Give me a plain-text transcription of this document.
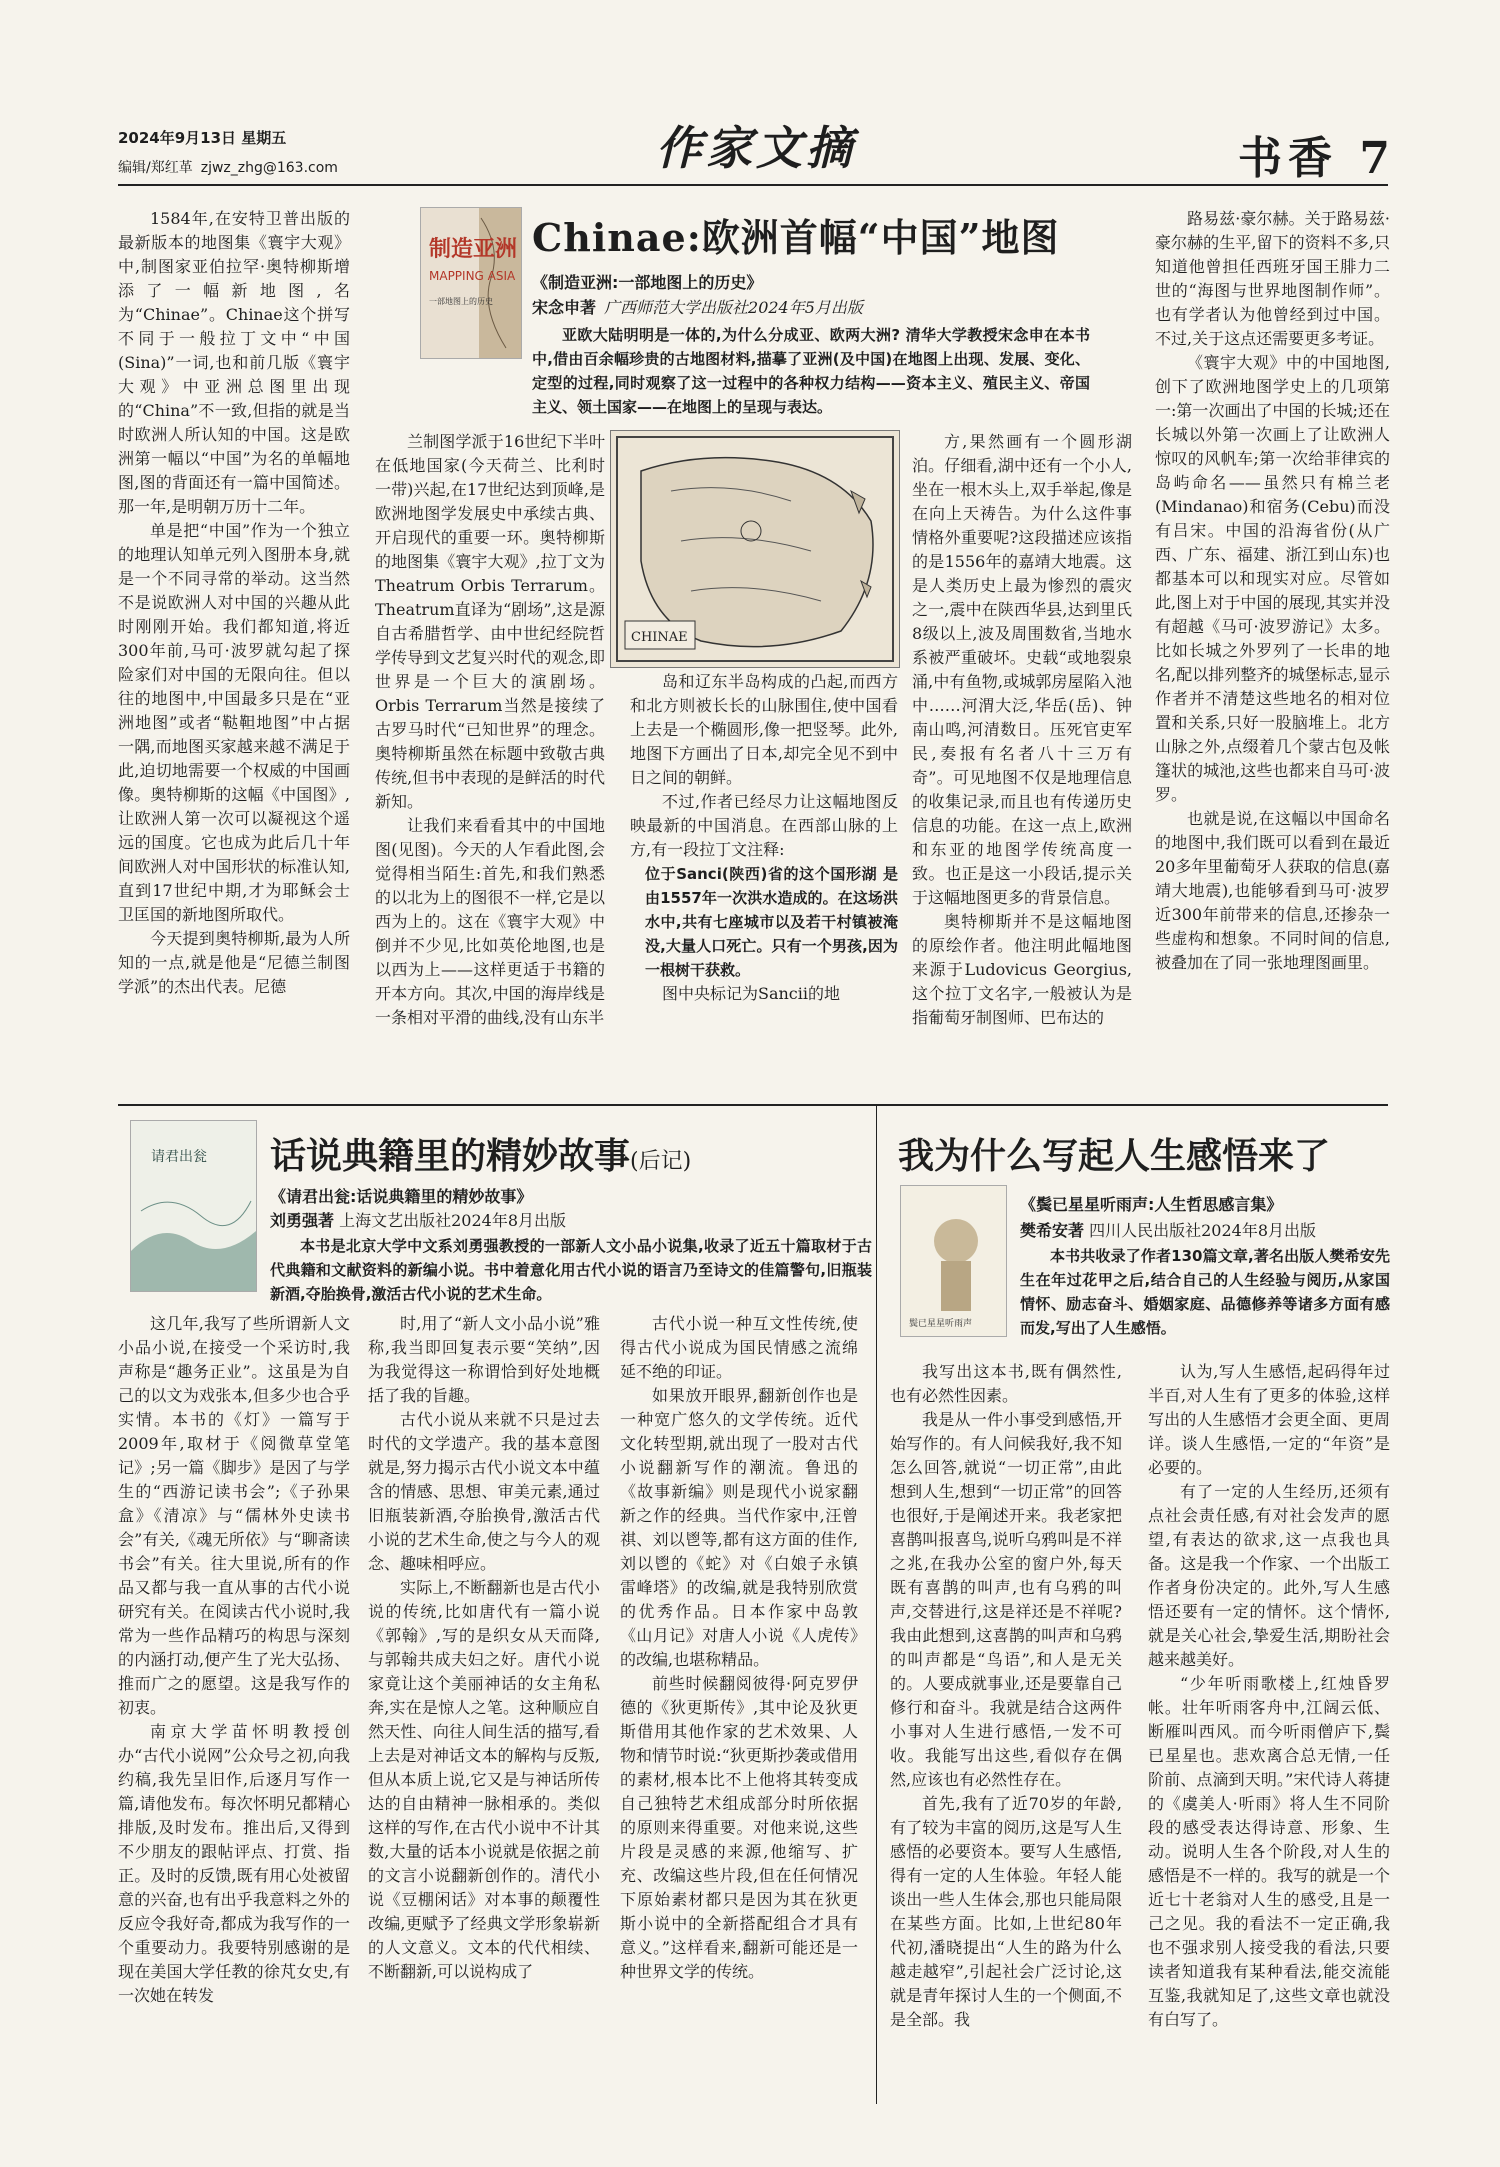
2024年9月13日 星期五
编辑/郑红革 zjwz_zhg@163.com	作家文摘	书香 7
制造亚洲
MAPPING ASIA
一部地图上的历史
Chinae:欧洲首幅“中国”地图
《制造亚洲:一部地图上的历史》
宋念申著 广西师范大学出版社2024年5月出版
亚欧大陆明明是一体的,为什么分成亚、欧两大洲? 清华大学教授宋念申在本书中,借由百余幅珍贵的古地图材料,描摹了亚洲(及中国)在地图上出现、发展、变化、定型的过程,同时观察了这一过程中的各种权力结构——资本主义、殖民主义、帝国主义、领土国家——在地图上的呈现与表达。

1584年,在安特卫普出版的最新版本的地图集《寰宇大观》中,制图家亚伯拉罕·奥特柳斯增添了一幅新地图,名为“Chinae”。Chinae这个拼写不同于一般拉丁文中“中国(Sina)”一词,也和前几版《寰宇大观》中亚洲总图里出现的“China”不一致,但指的就是当时欧洲人所认知的中国。这是欧洲第一幅以“中国”为名的单幅地图,图的背面还有一篇中国简述。那一年,是明朝万历十二年。

单是把“中国”作为一个独立的地理认知单元列入图册本身,就是一个不同寻常的举动。这当然不是说欧洲人对中国的兴趣从此时刚刚开始。我们都知道,将近300年前,马可·波罗就勾起了探险家们对中国的无限向往。但以往的地图中,中国最多只是在“亚洲地图”或者“鞑靼地图”中占据一隅,而地图买家越来越不满足于此,迫切地需要一个权威的中国画像。奥特柳斯的这幅《中国图》,让欧洲人第一次可以凝视这个遥远的国度。它也成为此后几十年间欧洲人对中国形状的标准认知,直到17世纪中期,才为耶稣会士卫匡国的新地图所取代。

今天提到奥特柳斯,最为人所知的一点,就是他是“尼德兰制图学派”的杰出代表。尼德

兰制图学派于16世纪下半叶在低地国家(今天荷兰、比利时一带)兴起,在17世纪达到顶峰,是欧洲地图学发展史中承续古典、开启现代的重要一环。奥特柳斯的地图集《寰宇大观》,拉丁文为Theatrum Orbis Terrarum。Theatrum直译为“剧场”,这是源自古希腊哲学、由中世纪经院哲学传导到文艺复兴时代的观念,即世界是一个巨大的演剧场。Orbis Terrarum当然是接续了古罗马时代“已知世界”的理念。奥特柳斯虽然在标题中致敬古典传统,但书中表现的是鲜活的时代新知。

让我们来看看其中的中国地图(见图)。今天的人乍看此图,会觉得相当陌生:首先,和我们熟悉的以北为上的图很不一样,它是以西为上的。这在《寰宇大观》中倒并不少见,比如英伦地图,也是以西为上——这样更适于书籍的开本方向。其次,中国的海岸线是一条相对平滑的曲线,没有山东半

CHINAE

岛和辽东半岛构成的凸起,而西方和北方则被长长的山脉围住,使中国看上去是一个椭圆形,像一把竖琴。此外,地图下方画出了日本,却完全见不到中日之间的朝鲜。

不过,作者已经尽力让这幅地图反映最新的中国消息。在西部山脉的上方,有一段拉丁文注释:

位于Sanci(陕西)省的这个国形湖 是由1557年一次洪水造成的。在这场洪水中,共有七座城市以及若干村镇被淹没,大量人口死亡。只有一个男孩,因为一根树干获救。

图中央标记为Sancii的地

方,果然画有一个圆形湖泊。仔细看,湖中还有一个小人,坐在一根木头上,双手举起,像是在向上天祷告。为什么这件事情格外重要呢?这段描述应该指的是1556年的嘉靖大地震。这是人类历史上最为惨烈的震灾之一,震中在陕西华县,达到里氏8级以上,波及周围数省,当地水系被严重破坏。史载“或地裂泉涌,中有鱼物,或城郭房屋陷入池中……河渭大泛,华岳(岳)、钟南山鸣,河清数日。压死官吏军民,奏报有名者八十三万有奇”。可见地图不仅是地理信息的收集记录,而且也有传递历史信息的功能。在这一点上,欧洲和东亚的地图学传统高度一致。也正是这一小段话,提示关于这幅地图更多的背景信息。

奥特柳斯并不是这幅地图的原绘作者。他注明此幅地图来源于Ludovicus Georgius,这个拉丁文名字,一般被认为是指葡萄牙制图师、巴布达的

路易兹·豪尔赫。关于路易兹·豪尔赫的生平,留下的资料不多,只知道他曾担任西班牙国王腓力二世的“海图与世界地图制作师”。也有学者认为他曾经到过中国。不过,关于这点还需要更多考证。

《寰宇大观》中的中国地图,创下了欧洲地图学史上的几项第一:第一次画出了中国的长城;还在长城以外第一次画上了让欧洲人惊叹的风帆车;第一次给菲律宾的岛屿命名——虽然只有棉兰老(Mindanao)和宿务(Cebu)而没有吕宋。中国的沿海省份(从广西、广东、福建、浙江到山东)也都基本可以和现实对应。尽管如此,图上对于中国的展现,其实并没有超越《马可·波罗游记》太多。比如长城之外罗列了一长串的地名,配以排列整齐的城堡标志,显示作者并不清楚这些地名的相对位置和关系,只好一股脑堆上。北方山脉之外,点缀着几个蒙古包及帐篷状的城池,这些也都来自马可·波罗。

也就是说,在这幅以中国命名的地图中,我们既可以看到在最近20多年里葡萄牙人获取的信息(嘉靖大地震),也能够看到马可·波罗近300年前带来的信息,还掺杂一些虚构和想象。不同时间的信息,被叠加在了同一张地理图画里。

请君出瓮 话说典籍里的精妙故事(后记)
《请君出瓮:话说典籍里的精妙故事》
刘勇强著 上海文艺出版社2024年8月出版
本书是北京大学中文系刘勇强教授的一部新人文小品小说集,收录了近五十篇取材于古代典籍和文献资料的新编小说。书中着意化用古代小说的语言乃至诗文的佳篇警句,旧瓶装新酒,夺胎换骨,激活古代小说的艺术生命。

这几年,我写了些所谓新人文小品小说,在接受一个采访时,我声称是“趣务正业”。这虽是为自己的以文为戏张本,但多少也合乎实情。本书的《灯》一篇写于2009年,取材于《阅微草堂笔记》;另一篇《脚步》是因了与学生的“西游记读书会”;《子孙果盒》《清凉》与“儒林外史读书会”有关,《魂无所依》与“聊斋读书会”有关。往大里说,所有的作品又都与我一直从事的古代小说研究有关。在阅读古代小说时,我常为一些作品精巧的构思与深刻的内涵打动,便产生了光大弘扬、推而广之的愿望。这是我写作的初衷。

南京大学苗怀明教授创办“古代小说网”公众号之初,向我约稿,我先呈旧作,后逐月写作一篇,请他发布。每次怀明兄都精心排版,及时发布。推出后,又得到不少朋友的跟帖评点、打赏、指正。及时的反馈,既有用心处被留意的兴奋,也有出乎我意料之外的反应令我好奇,都成为我写作的一个重要动力。我要特别感谢的是现在美国大学任教的徐芃女史,有一次她在转发

时,用了“新人文小品小说”雅称,我当即回复表示要“笑纳”,因为我觉得这一称谓恰到好处地概括了我的旨趣。

古代小说从来就不只是过去时代的文学遗产。我的基本意图就是,努力揭示古代小说文本中蕴含的情感、思想、审美元素,通过旧瓶装新酒,夺胎换骨,激活古代小说的艺术生命,使之与今人的观念、趣味相呼应。

实际上,不断翻新也是古代小说的传统,比如唐代有一篇小说《郭翰》,写的是织女从天而降,与郭翰共成夫妇之好。唐代小说家竟让这个美丽神话的女主角私奔,实在是惊人之笔。这种顺应自然天性、向往人间生活的描写,看上去是对神话文本的解构与反叛,但从本质上说,它又是与神话所传达的自由精神一脉相承的。类似这样的写作,在古代小说中不计其数,大量的话本小说就是依据之前的文言小说翻新创作的。清代小说《豆棚闲话》对本事的颠覆性改编,更赋予了经典文学形象崭新的人文意义。文本的代代相续、不断翻新,可以说构成了

古代小说一种互文性传统,使得古代小说成为国民情感之流绵延不绝的印证。

如果放开眼界,翻新创作也是一种宽广悠久的文学传统。近代文化转型期,就出现了一股对古代小说翻新写作的潮流。鲁迅的《故事新编》则是现代小说家翻新之作的经典。当代作家中,汪曾祺、刘以鬯等,都有这方面的佳作,刘以鬯的《蛇》对《白娘子永镇雷峰塔》的改编,就是我特别欣赏的优秀作品。日本作家中岛敦《山月记》对唐人小说《人虎传》的改编,也堪称精品。

前些时候翻阅彼得·阿克罗伊德的《狄更斯传》,其中论及狄更斯借用其他作家的艺术效果、人物和情节时说:“狄更斯抄袭或借用的素材,根本比不上他将其转变成自己独特艺术组成部分时所依据的原则来得重要。对他来说,这些片段是灵感的来源,他缩写、扩充、改编这些片段,但在任何情况下原始素材都只是因为其在狄更斯小说中的全新搭配组合才具有意义。”这样看来,翻新可能还是一种世界文学的传统。

我为什么写起人生感悟来了
鬓已星星听雨声
《鬓已星星听雨声:人生哲思感言集》
樊希安著 四川人民出版社2024年8月出版
本书共收录了作者130篇文章,著名出版人樊希安先生在年过花甲之后,结合自己的人生经验与阅历,从家国情怀、励志奋斗、婚姻家庭、品德修养等诸多方面有感而发,写出了人生感悟。

我写出这本书,既有偶然性,也有必然性因素。

我是从一件小事受到感悟,开始写作的。有人问候我好,我不知怎么回答,就说“一切正常”,由此想到人生,想到“一切正常”的回答也很好,于是阐述开来。我老家把喜鹊叫报喜鸟,说听乌鸦叫是不祥之兆,在我办公室的窗户外,每天既有喜鹊的叫声,也有乌鸦的叫声,交替进行,这是祥还是不祥呢?我由此想到,这喜鹊的叫声和乌鸦的叫声都是“鸟语”,和人是无关的。人要成就事业,还是要靠自己修行和奋斗。我就是结合这两件小事对人生进行感悟,一发不可收。我能写出这些,看似存在偶然,应该也有必然性存在。

首先,我有了近70岁的年龄,有了较为丰富的阅历,这是写人生感悟的必要资本。要写人生感悟,得有一定的人生体验。年轻人能谈出一些人生体会,那也只能局限在某些方面。比如,上世纪80年代初,潘晓提出“人生的路为什么越走越窄”,引起社会广泛讨论,这就是青年探讨人生的一个侧面,不是全部。我

认为,写人生感悟,起码得年过半百,对人生有了更多的体验,这样写出的人生感悟才会更全面、更周详。谈人生感悟,一定的“年资”是必要的。

有了一定的人生经历,还须有点社会责任感,有对社会发声的愿望,有表达的欲求,这一点我也具备。这是我一个作家、一个出版工作者身份决定的。此外,写人生感悟还要有一定的情怀。这个情怀,就是关心社会,挚爱生活,期盼社会越来越美好。

“少年听雨歌楼上,红烛昏罗帐。壮年听雨客舟中,江阔云低、断雁叫西风。而今听雨僧庐下,鬓已星星也。悲欢离合总无情,一任阶前、点滴到天明。”宋代诗人蒋捷的《虞美人·听雨》将人生不同阶段的感受表达得诗意、形象、生动。说明人生各个阶段,对人生的感悟是不一样的。我写的就是一个近七十老翁对人生的感受,且是一己之见。我的看法不一定正确,我也不强求别人接受我的看法,只要读者知道我有某种看法,能交流能互鉴,我就知足了,这些文章也就没有白写了。
